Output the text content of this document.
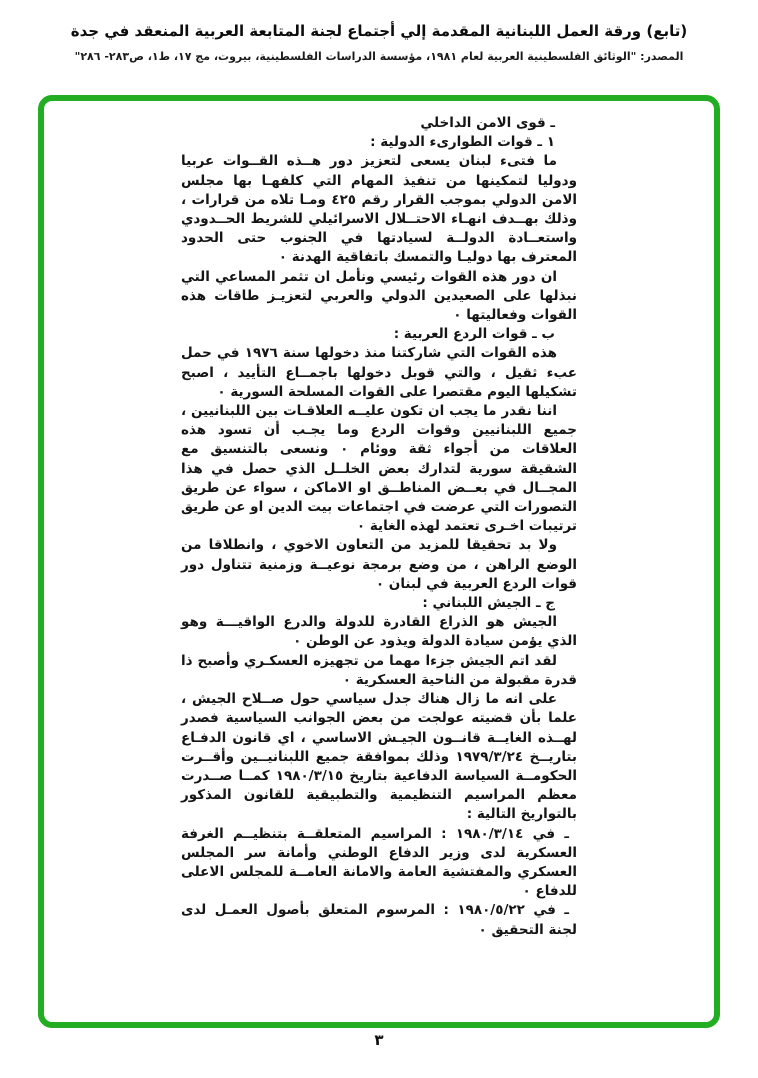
(تابع) ورقة العمل اللبنانية المقدمة إلي أجتماع لجنة المتابعة العربية المنعقد في جدة

المصدر: "الوثائق الفلسطينية العربية لعام ١٩٨١، مؤسسة الدراسات الفلسطينية، بيروت، مج ١٧، ط١، ص٢٨٣- ٢٨٦"

ـ قوى الامن الداخلي

١ ـ قوات الطوارىء الدولية :

ما فتىء لبنان يسعى لتعزيز دور هــذه القــوات عربيا ودوليا لتمكينها من تنفيذ المهام التي كلفهـا بها مجلس الامن الدولي بموجب القرار رقم ٤٢٥ ومـا تلاه من قرارات ، وذلك بهــدف انهـاء الاحتــلال الاسرائيلي للشريط الحــدودي واستعــادة الدولــة لسيادتها في الجنوب حتى الحدود المعترف بها دوليـا والتمسك باتفاقية الهدنة ٠

ان دور هذه القوات رئيسي ونأمل ان تثمر المساعي التي نبذلها على الصعيدين الدولي والعربي لتعزيـز طاقات هذه القوات وفعاليتها ٠

ب ـ قوات الردع العربية :

هذه القوات التي شاركتنا منذ دخولها سنة ١٩٧٦ في حمل عبء ثقيل ، والتي قوبل دخولها باجمــاع التأييد ، اصبح تشكيلها اليوم مقتصرا على القوات المسلحة السورية ٠

اننا نقدر ما يجب ان تكون عليــه العلاقـات بين اللبنانيين ، جميع اللبنانيين وقوات الردع وما يجـب أن تسود هذه العلاقات من أجواء ثقة ووئام ٠ ونسعى بالتنسيق مع الشقيقة سورية لتدارك بعض الخلــل الذي حصل في هذا المجــال في بعــض المناطــق او الاماكن ، سواء عن طريق التصورات التي عرضت في اجتماعات بيت الدين او عن طريق ترتيبات اخـرى تعتمد لهذه الغاية ٠

ولا بد تحقيقا للمزيد من التعاون الاخوي ، وانطلاقا من الوضع الراهن ، من وضع برمجة نوعيــة وزمنية تتناول دور قوات الردع العربية في لبنان ٠

ج ـ الجيش اللبناني :

الجيش هو الذراع القادرة للدولة والدرع الواقيـــة وهو الذي يؤمن سيادة الدولة ويذود عن الوطن ٠

لقد اتم الجيش جزءا مهما من تجهيزه العسكـري وأصبح ذا قدرة مقبولة من الناحية العسكرية ٠

على انه ما زال هناك جدل سياسي حول صــلاح الجيش ، علما بأن قضيته عولجت من بعض الجوانب السياسية فصدر لهــذه الغايــة قانــون الجيـش الاساسي ، اي قانون الدفـاع بتاريــخ ١٩٧٩/٣/٢٤ وذلك بموافقة جميع اللبنانيــين وأقــرت الحكومــة السياسة الدفاعية بتاريخ ١٩٨٠/٣/١٥ كمــا صــدرت معظم المراسيم التنظيمية والتطبيقية للقانون المذكور بالتواريخ التالية :

ـ في ١٩٨٠/٣/١٤ : المراسيم المتعلقــة بتنظيــم الغرفة العسكرية لدى وزير الدفاع الوطني وأمانة سر المجلس العسكري والمفتشية العامة والامانة العامــة للمجلس الاعلى للدفاع ٠

ـ في ١٩٨٠/٥/٢٢ : المرسوم المتعلق بأصول العمـل لدى لجنة التحقيق ٠

٣
